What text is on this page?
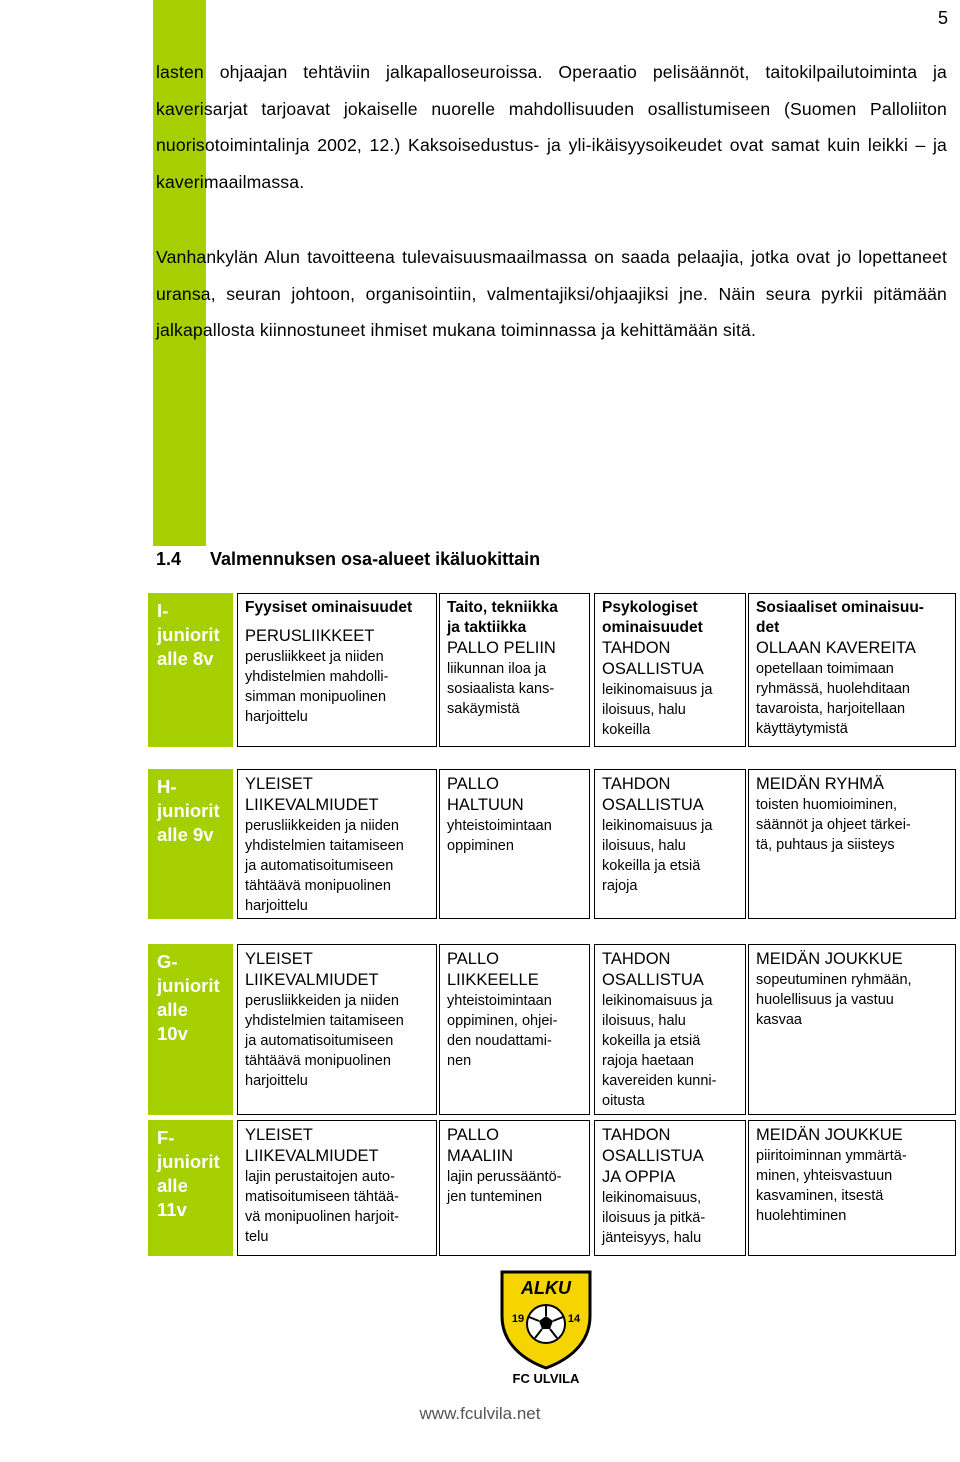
5

lasten ohjaajan tehtäviin jalkapalloseuroissa. Operaatio pelisäännöt, taitokilpailutoiminta ja kaverisarjat tarjoavat jokaiselle nuorelle mahdollisuuden osallistumiseen (Suomen Palloliiton nuorisotoimintalinja 2002, 12.) Kaksoisedustus- ja yli-ikäisyysoikeudet ovat samat kuin leikki – ja kaverimaailmassa.

Vanhankylän Alun tavoitteena tulevaisuusmaailmassa on saada pelaajia, jotka ovat jo lopettaneet uransa, seuran johtoon, organisointiin, valmentajiksi/ohjaajiksi jne. Näin seura pyrkii pitämään jalkapallosta kiinnostuneet ihmiset mukana toiminnassa ja kehittämään sitä.

1.4 Valmennuksen osa-alueet ikäluokittain
I-
juniorit
alle 8v
Fyysiset ominaisuudet
PERUSLIIKKEET
perusliikkeet ja niiden
yhdistelmien mahdolli-
simman monipuolinen
harjoittelu
Taito, tekniikka
ja taktiikka
PALLO PELIIN
liikunnan iloa ja
sosiaalista kans-
sakäymistä
Psykologiset
ominaisuudet
TAHDON
OSALLISTUA
leikinomaisuus ja
iloisuus, halu
kokeilla
Sosiaaliset ominaisuu-
det
OLLAAN KAVEREITA
opetellaan toimimaan
ryhmässä, huolehditaan
tavaroista, harjoitellaan
käyttäytymistä
H-
juniorit
alle 9v
YLEISET
LIIKEVALMIUDET
perusliikkeiden ja niiden
yhdistelmien taitamiseen
ja automatisoitumiseen
tähtäävä monipuolinen
harjoittelu
PALLO
HALTUUN
yhteistoimintaan
oppiminen
TAHDON
OSALLISTUA
leikinomaisuus ja
iloisuus, halu
kokeilla ja etsiä
rajoja
MEIDÄN RYHMÄ
toisten huomioiminen,
säännöt ja ohjeet tärkei-
tä, puhtaus ja siisteys
G-
juniorit
alle
10v
YLEISET
LIIKEVALMIUDET
perusliikkeiden ja niiden
yhdistelmien taitamiseen
ja automatisoitumiseen
tähtäävä monipuolinen
harjoittelu
PALLO
LIIKKEELLE
yhteistoimintaan
oppiminen, ohjei-
den noudattami-
nen
TAHDON
OSALLISTUA
leikinomaisuus ja
iloisuus, halu
kokeilla ja etsiä
rajoja haetaan
kavereiden kunni-
oitusta
MEIDÄN JOUKKUE
sopeutuminen ryhmään,
huolellisuus ja vastuu
kasvaa
F-
juniorit
alle
11v
YLEISET
LIIKEVALMIUDET
lajin perustaitojen auto-
matisoitumiseen tähtää-
vä monipuolinen harjoit-
telu
PALLO
MAALIIN
lajin perussääntö-
jen tunteminen
TAHDON
OSALLISTUA
JA OPPIA
leikinomaisuus,
iloisuus ja pitkä-
jänteisyys, halu
MEIDÄN JOUKKUE
piiritoiminnan ymmärtä-
minen, yhteisvastuun
kasvaminen, itsestä
huolehtiminen
ALKU
19	14
FC ULVILA
www.fculvila.net
